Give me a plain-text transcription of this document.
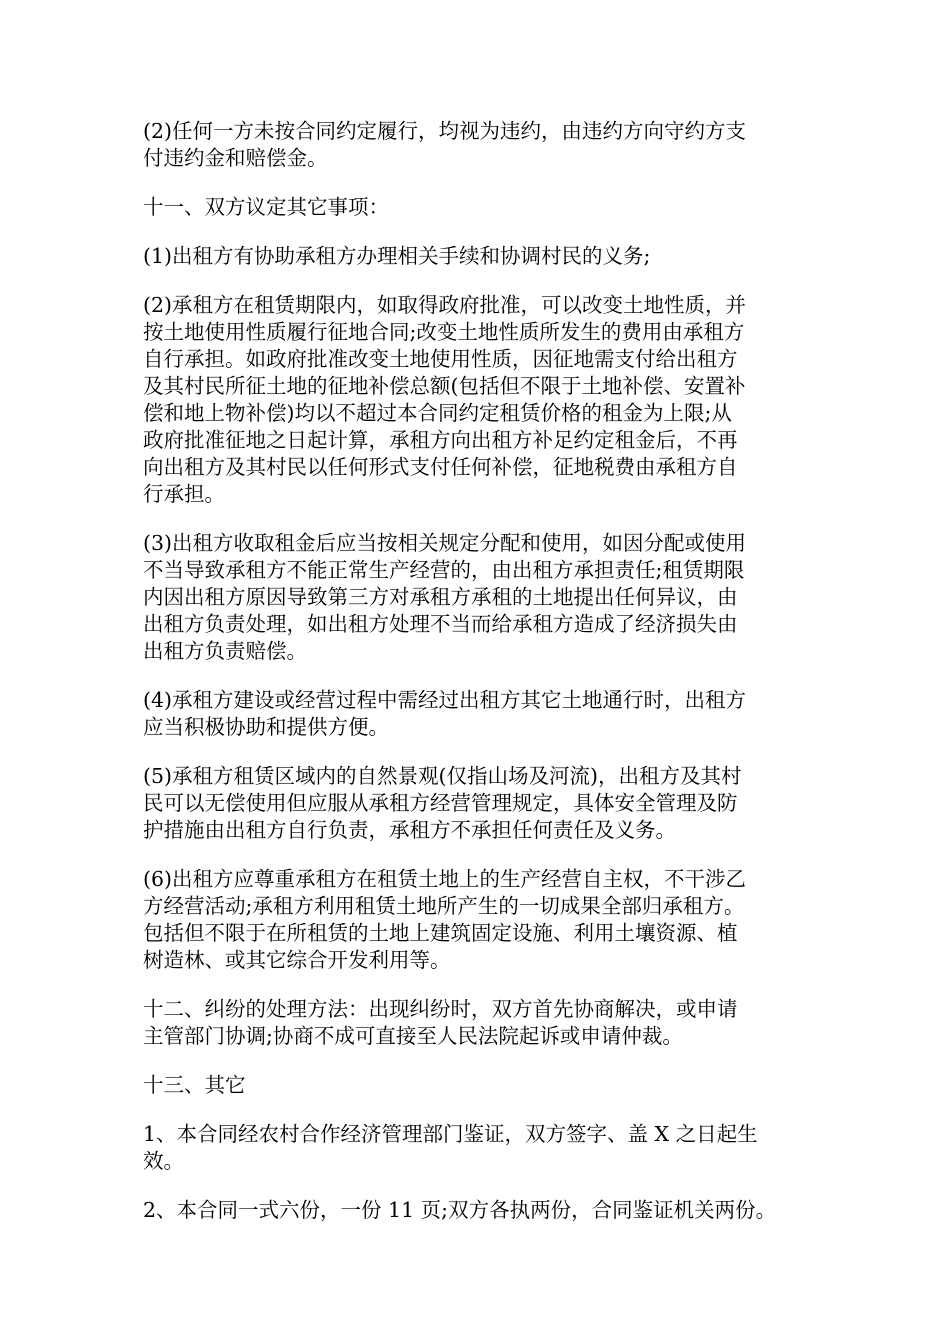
(2)任何一方未按合同约定履行，均视为违约，由违约方向守约方支
付违约金和赔偿金。

十一、双方议定其它事项：

(1)出租方有协助承租方办理相关手续和协调村民的义务;

(2)承租方在租赁期限内，如取得政府批准，可以改变土地性质，并
按土地使用性质履行征地合同;改变土地性质所发生的费用由承租方
自行承担。如政府批准改变土地使用性质，因征地需支付给出租方
及其村民所征土地的征地补偿总额(包括但不限于土地补偿、安置补
偿和地上物补偿)均以不超过本合同约定租赁价格的租金为上限;从
政府批准征地之日起计算，承租方向出租方补足约定租金后，不再
向出租方及其村民以任何形式支付任何补偿，征地税费由承租方自
行承担。

(3)出租方收取租金后应当按相关规定分配和使用，如因分配或使用
不当导致承租方不能正常生产经营的，由出租方承担责任;租赁期限
内因出租方原因导致第三方对承租方承租的土地提出任何异议，由
出租方负责处理，如出租方处理不当而给承租方造成了经济损失由
出租方负责赔偿。

(4)承租方建设或经营过程中需经过出租方其它土地通行时，出租方
应当积极协助和提供方便。

(5)承租方租赁区域内的自然景观(仅指山场及河流)，出租方及其村
民可以无偿使用但应服从承租方经营管理规定，具体安全管理及防
护措施由出租方自行负责，承租方不承担任何责任及义务。

(6)出租方应尊重承租方在租赁土地上的生产经营自主权，不干涉乙
方经营活动;承租方利用租赁土地所产生的一切成果全部归承租方。
包括但不限于在所租赁的土地上建筑固定设施、利用土壤资源、植
树造林、或其它综合开发利用等。

十二、纠纷的处理方法：出现纠纷时，双方首先协商解决，或申请
主管部门协调;协商不成可直接至人民法院起诉或申请仲裁。

十三、其它

1、本合同经农村合作经济管理部门鉴证，双方签字、盖 X 之日起生
效。

2、本合同一式六份，一份 11 页;双方各执两份，合同鉴证机关两份。
